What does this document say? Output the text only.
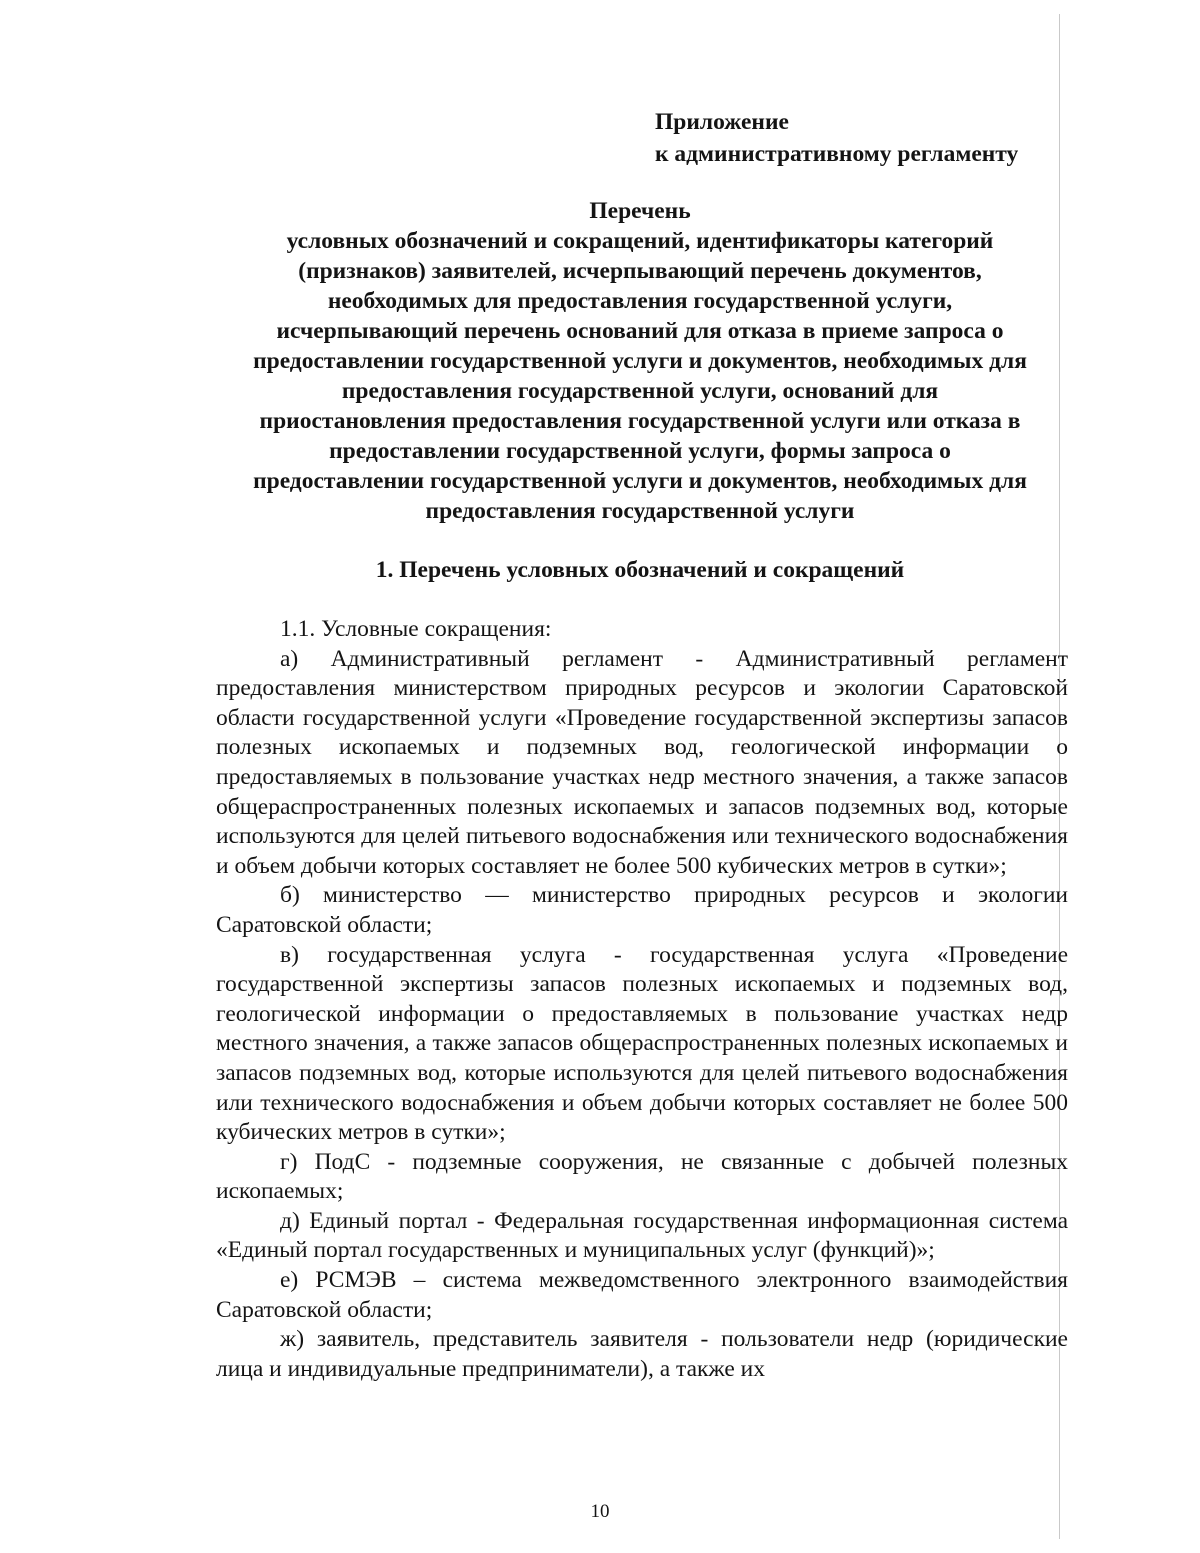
Приложение
к административному регламенту
Перечень
условных обозначений и сокращений, идентификаторы категорий
(признаков) заявителей, исчерпывающий перечень документов,
необходимых для предоставления государственной услуги,
исчерпывающий перечень оснований для отказа в приеме запроса о
предоставлении государственной услуги и документов, необходимых для
предоставления государственной услуги, оснований для
приостановления предоставления государственной услуги или отказа в
предоставлении государственной услуги, формы запроса о
предоставлении государственной услуги и документов, необходимых для
предоставления государственной услуги
1. Перечень условных обозначений и сокращений

1.1. Условные сокращения:

а) Административный регламент - Административный регламент предоставления министерством природных ресурсов и экологии Саратовской области государственной услуги «Проведение государственной экспертизы запасов полезных ископаемых и подземных вод, геологической информации о предоставляемых в пользование участках недр местного значения, а также запасов общераспространенных полезных ископаемых и запасов подземных вод, которые используются для целей питьевого водоснабжения или технического водоснабжения и объем добычи которых составляет не более 500 кубических метров в сутки»;

б) министерство — министерство природных ресурсов и экологии Саратовской области;

в) государственная услуга - государственная услуга «Проведение государственной экспертизы запасов полезных ископаемых и подземных вод, геологической информации о предоставляемых в пользование участках недр местного значения, а также запасов общераспространенных полезных ископаемых и запасов подземных вод, которые используются для целей питьевого водоснабжения или технического водоснабжения и объем добычи которых составляет не более 500 кубических метров в сутки»;

г) ПодС - подземные сооружения, не связанные с добычей полезных ископаемых;

д) Единый портал - Федеральная государственная информационная система «Единый портал государственных и муниципальных услуг (функций)»;

е) РСМЭВ – система межведомственного электронного взаимодействия Саратовской области;

ж) заявитель, представитель заявителя - пользователи недр (юридические лица и индивидуальные предприниматели), а также их

10
